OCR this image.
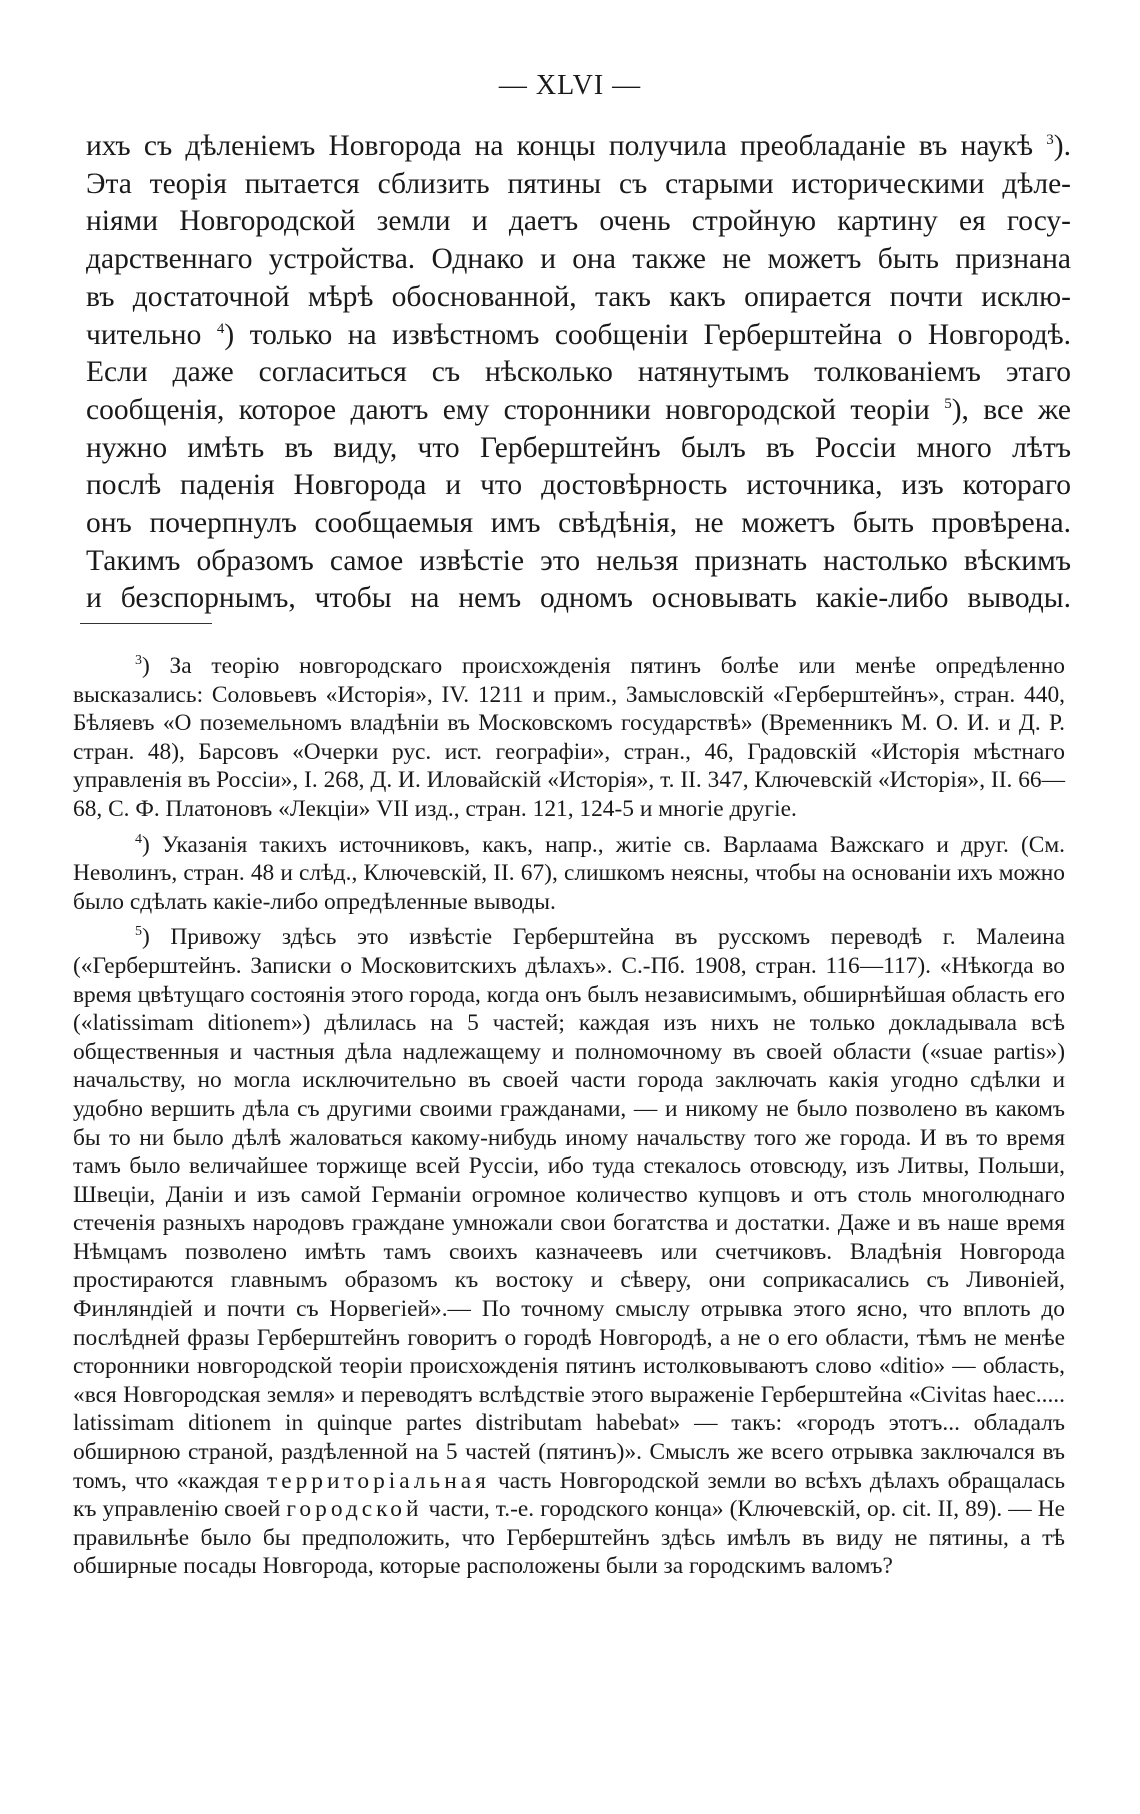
— XLVI —

ихъ съ дѣленіемъ Новгорода на концы получила преобладаніе въ наукѣ $^3$).

Эта теорія пытается сблизить пятины съ старыми историческими дѣле-

ніями Новгородской земли и даетъ очень стройную картину ея госу-

дарственнаго устройства. Однако и она также не можетъ быть признана

въ достаточной мѣрѣ обоснованной, такъ какъ опирается почти исклю-

чительно $^4$) только на извѣстномъ сообщеніи Герберштейна о Новгородѣ.

Если даже согласиться съ нѣсколько натянутымъ толкованіемъ этаго

сообщенія, которое даютъ ему сторонники новгородской теоріи $^5$), все же

нужно имѣть въ виду, что Герберштейнъ былъ въ Россіи много лѣтъ

послѣ паденія Новгорода и что достовѣрность источника, изъ котораго

онъ почерпнулъ сообщаемыя имъ свѣдѣнія, не можетъ быть провѣрена.

Такимъ образомъ самое извѣстіе это нельзя признать настолько вѣскимъ

и безспорнымъ, чтобы на немъ одномъ основывать какіе-либо выводы.

$^3$) За теорію новгородскаго происхожденія пятинъ болѣе или менѣе опредѣленно высказались: Соловьевъ «Исторія», IV. 1211 и прим., Замысловскій «Герберштейнъ», стран. 440, Бѣляевъ «О поземельномъ владѣніи въ Московскомъ государствѣ» (Временникъ М. О. И. и Д. Р. стран. 48), Барсовъ «Очерки рус. ист. географіи», стран., 46, Градовскій «Исторія мѣстнаго управленія въ Россіи», I. 268, Д. И. Иловайскій «Исторія», т. II. 347, Ключевскій «Исторія», II. 66—68, С. Ф. Платоновъ «Лекціи» VII изд., стран. 121, 124-5 и многіе другіе.

$^4$) Указанія такихъ источниковъ, какъ, напр., житіе св. Варлаама Важскаго и друг. (См. Неволинъ, стран. 48 и слѣд., Ключевскій, II. 67), слишкомъ неясны, чтобы на основаніи ихъ можно было сдѣлать какіе-либо опредѣленные выводы.

$^5$) Привожу здѣсь это извѣстіе Герберштейна въ русскомъ переводѣ г. Малеина («Герберштейнъ. Записки о Московитскихъ дѣлахъ». С.-Пб. 1908, стран. 116—117). «Нѣкогда во время цвѣтущаго состоянія этого города, когда онъ былъ независимымъ, обширнѣйшая область его («latissimam ditionem») дѣлилась на 5 частей; каждая изъ нихъ не только докладывала всѣ общественныя и частныя дѣла надлежащему и полномочному въ своей области («suae partis») начальству, но могла исключительно въ своей части города заключать какія угодно сдѣлки и удобно вершить дѣла съ другими своими гражданами, — и никому не было позволено въ какомъ бы то ни было дѣлѣ жаловаться какому-нибудь иному начальству того же города. И въ то время тамъ было величайшее торжище всей Руссіи, ибо туда стекалось отовсюду, изъ Литвы, Польши, Швеціи, Даніи и изъ самой Германіи огромное количество купцовъ и отъ столь многолюднаго стеченія разныхъ народовъ граждане умножали свои богатства и достатки. Даже и въ наше время Нѣмцамъ позволено имѣть тамъ своихъ казначеевъ или счетчиковъ. Владѣнія Новгорода простираются главнымъ образомъ къ востоку и сѣверу, они соприкасались съ Ливоніей, Финляндіей и почти съ Норвегіей».— По точному смыслу отрывка этого ясно, что вплоть до послѣдней фразы Герберштейнъ говоритъ о городѣ Новгородѣ, а не о его области, тѣмъ не менѣе сторонники новгородской теоріи происхожденія пятинъ истолковываютъ слово «ditio» — область, «вся Новгородская земля» и переводятъ вслѣдствіе этого выраженіе Герберштейна «Civitas haec..... latissimam ditionem in quinque partes distributam habebat» — такъ: «городъ этотъ... обладалъ обширною страной, раздѣленной на 5 частей (пятинъ)». Смыслъ же всего отрывка заключался въ томъ, что «каждая территоріальная часть Новгородской земли во всѣхъ дѣлахъ обращалась къ управленію своей городской части, т.-е. городского конца» (Ключевскій, op. cit. II, 89). — Не правильнѣе было бы предположить, что Герберштейнъ здѣсь имѣлъ въ виду не пятины, а тѣ обширные посады Новгорода, которые расположены были за городскимъ валомъ?
